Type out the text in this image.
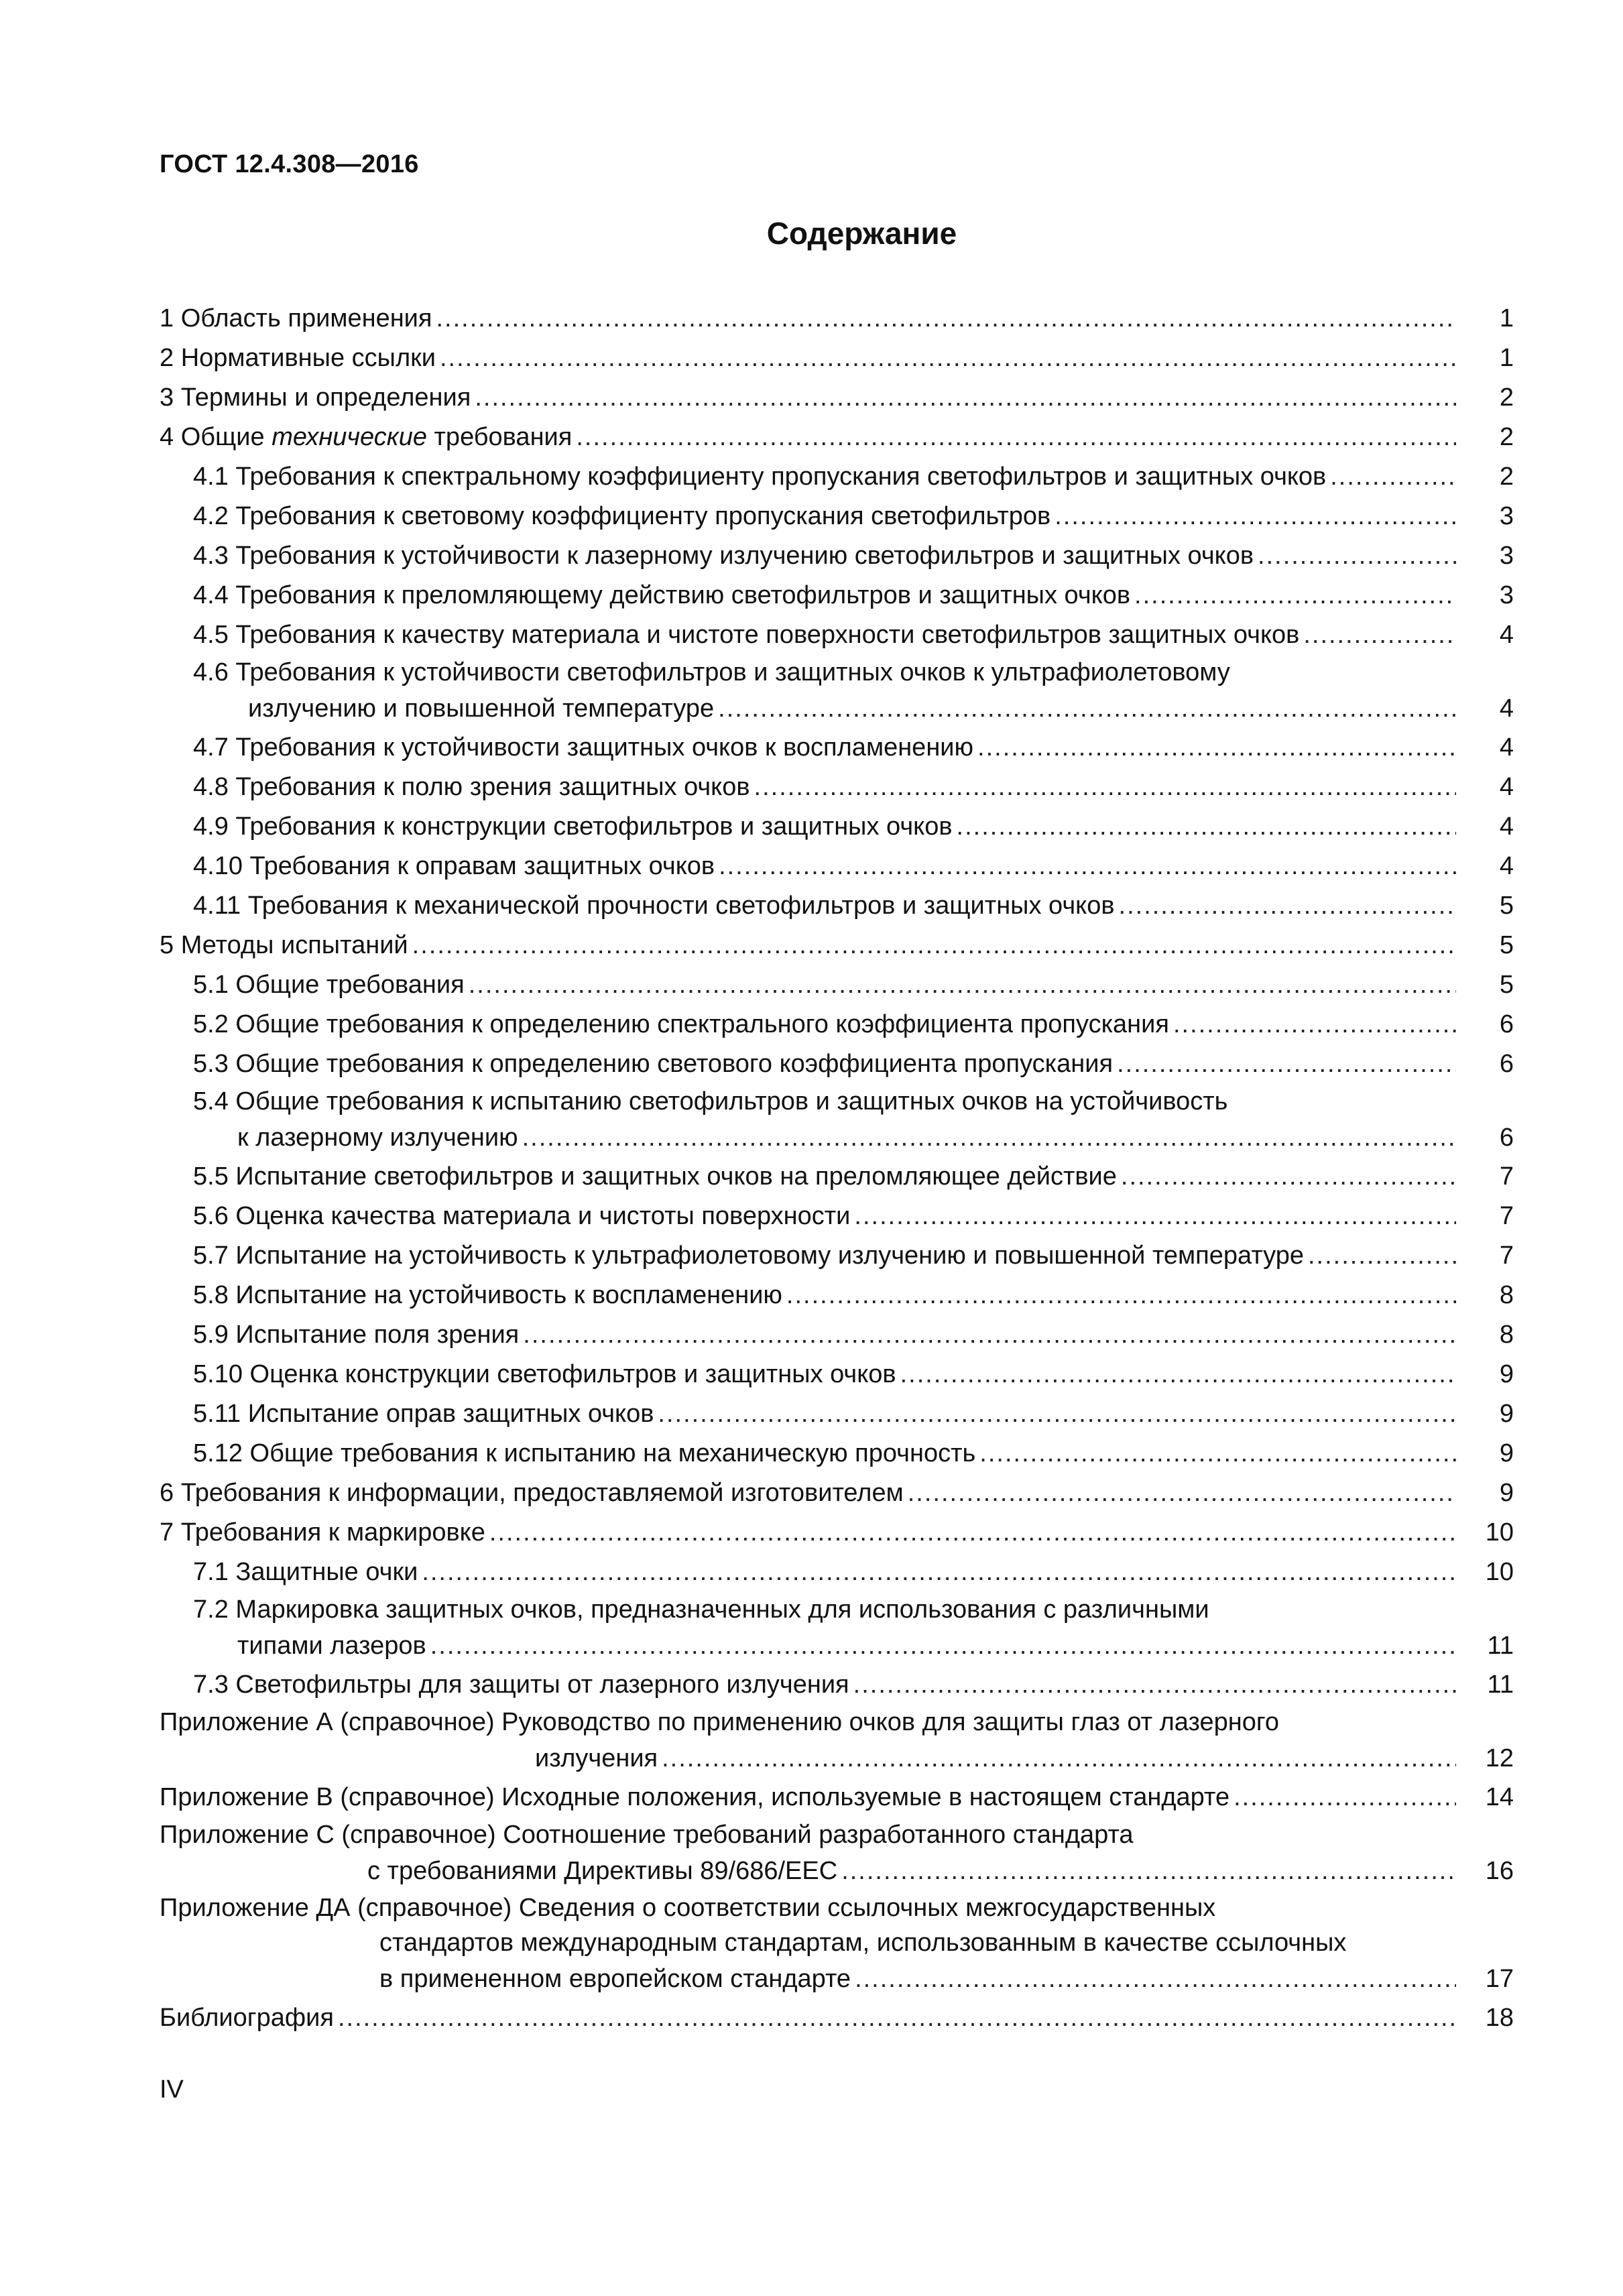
ГОСТ 12.4.308—2016
Содержание
1 Область применения .....	1
2 Нормативные ссылки .....	1
3 Термины и определения .....	2
4 Общие технические требования .....	2
4.1 Требования к спектральному коэффициенту пропускания светофильтров и защитных очков .....	2
4.2 Требования к световому коэффициенту пропускания светофильтров .....	3
4.3 Требования к устойчивости к лазерному излучению светофильтров и защитных очков .....	3
4.4 Требования к преломляющему действию светофильтров и защитных очков .....	3
4.5 Требования к качеству материала и чистоте поверхности светофильтров защитных очков .....	4
4.6 Требования к устойчивости светофильтров и защитных очков к ультрафиолетовому
излучению и повышенной температуре .....	4
4.7 Требования к устойчивости защитных очков к воспламенению .....	4
4.8 Требования к полю зрения защитных очков .....	4
4.9 Требования к конструкции светофильтров и защитных очков .....	4
4.10 Требования к оправам защитных очков .....	4
4.11 Требования к механической прочности светофильтров и защитных очков .....	5
5 Методы испытаний .....	5
5.1 Общие требования .....	5
5.2 Общие требования к определению спектрального коэффициента пропускания .....	6
5.3 Общие требования к определению светового коэффициента пропускания .....	6
5.4 Общие требования к испытанию светофильтров и защитных очков на устойчивость
к лазерному излучению .....	6
5.5 Испытание светофильтров и защитных очков на преломляющее действие .....	7
5.6 Оценка качества материала и чистоты поверхности .....	7
5.7 Испытание на устойчивость к ультрафиолетовому излучению и повышенной температуре .....	7
5.8 Испытание на устойчивость к воспламенению .....	8
5.9 Испытание поля зрения .....	8
5.10 Оценка конструкции светофильтров и защитных очков .....	9
5.11 Испытание оправ защитных очков .....	9
5.12 Общие требования к испытанию на механическую прочность .....	9
6 Требования к информации, предоставляемой изготовителем .....	9
7 Требования к маркировке .....	10
7.1 Защитные очки .....	10
7.2 Маркировка защитных очков, предназначенных для использования с различными
типами лазеров .....	11
7.3 Светофильтры для защиты от лазерного излучения .....	11
Приложение А (справочное) Руководство по применению очков для защиты глаз от лазерного
излучения .....	12
Приложение В (справочное) Исходные положения, используемые в настоящем стандарте .....	14
Приложение С (справочное) Соотношение требований разработанного стандарта
с требованиями Директивы 89/686/ЕЕС .....	16
Приложение ДА (справочное) Сведения о соответствии ссылочных межгосударственных
стандартов международным стандартам, использованным в качестве ссылочных
в примененном европейском стандарте .....	17
Библиография .....	18
IV
